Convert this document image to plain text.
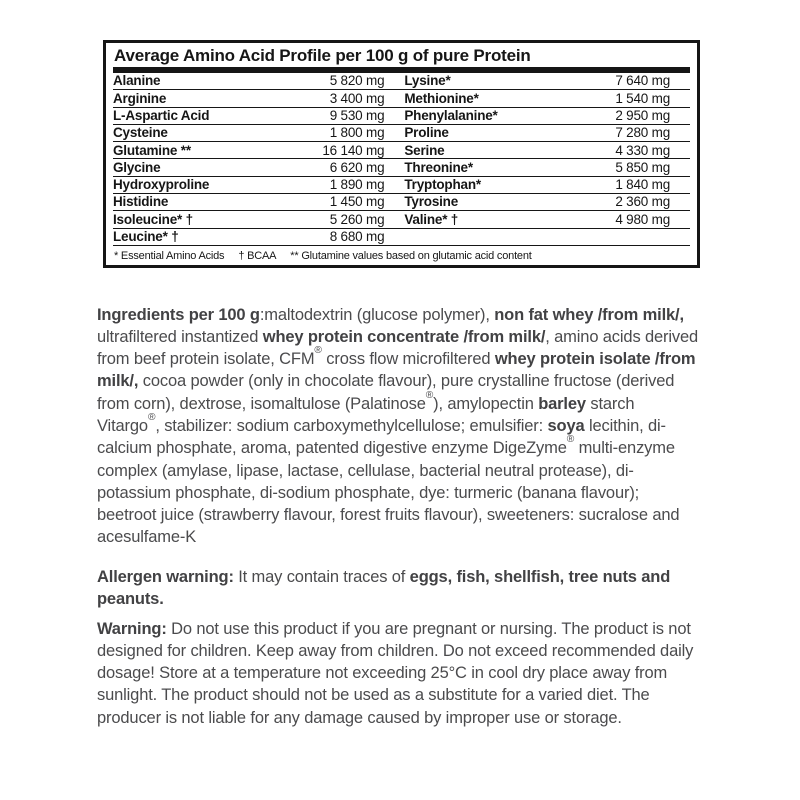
Average Amino Acid Profile per 100 g of pure Protein
Alanine	5 820 mg Lysine*	7 640 mg
Arginine	3 400 mg Methionine*	1 540 mg
L-Aspartic Acid	9 530 mg Phenylalanine*	2 950 mg
Cysteine	1 800 mg Proline	7 280 mg
Glutamine **	16 140 mg Serine	4 330 mg
Glycine	6 620 mg Threonine*	5 850 mg
Hydroxyproline	1 890 mg Tryptophan*	1 840 mg
Histidine	1 450 mg Tyrosine	2 360 mg
Isoleucine* †	5 260 mg Valine* †	4 980 mg
Leucine* †	8 680 mg
* Essential Amino Acids † BCAA ** Glutamine values based on glutamic acid content

Ingredients per 100 g:maltodextrin (glucose polymer), non fat whey /from milk/, ultrafiltered instantized whey protein concentrate /from milk/, amino acids derived from beef protein isolate, CFM® cross flow microfiltered whey protein isolate /from milk/, cocoa powder (only in chocolate flavour), pure crystalline fructose (derived from corn), dextrose, isomaltulose (Palatinose®), amylopectin barley starch Vitargo®, stabilizer: sodium carboxymethylcellulose; emulsifier: soya lecithin, di-calcium phosphate, aroma, patented digestive enzyme DigeZyme® multi-enzyme complex (amylase, lipase, lactase, cellulase, bacterial neutral protease), di-potassium phosphate, di-sodium phosphate, dye: turmeric (banana flavour); beetroot juice (strawberry flavour, forest fruits flavour), sweeteners: sucralose and acesulfame-K

Allergen warning: It may contain traces of eggs, fish, shellfish, tree nuts and peanuts.

Warning: Do not use this product if you are pregnant or nursing. The product is not designed for children. Keep away from children. Do not exceed recommended daily dosage! Store at a temperature not exceeding 25°C in cool dry place away from sunlight. The product should not be used as a substitute for a varied diet. The producer is not liable for any damage caused by improper use or storage.
